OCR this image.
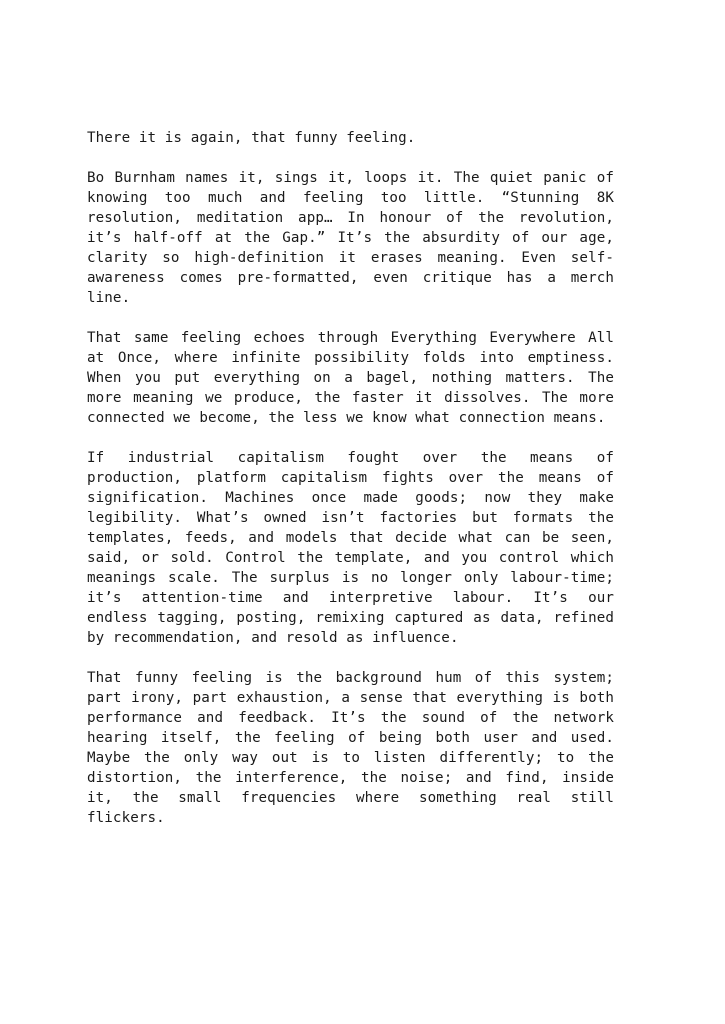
There it is again, that funny feeling.

Bo Burnham names it, sings it, loops it. The quiet panic of knowing too much and feeling too little. “Stunning 8K resolution, meditation app… In honour of the revolution, it’s half-off at the Gap.” It’s the absurdity of our age, clarity so high-definition it erases meaning. Even self-awareness comes pre-formatted, even critique has a merch line.

That same feeling echoes through Everything Everywhere All at Once, where infinite possibility folds into emptiness. When you put everything on a bagel, nothing matters. The more meaning we produce, the faster it dissolves. The more connected we become, the less we know what connection means.

If industrial capitalism fought over the means of production, platform capitalism fights over the means of signification. Machines once made goods; now they make legibility. What’s owned isn’t factories but formats the templates, feeds, and models that decide what can be seen, said, or sold. Control the template, and you control which meanings scale. The surplus is no longer only labour-time; it’s attention-time and interpretive labour. It’s our endless tagging, posting, remixing captured as data, refined by recommendation, and resold as influence.

That funny feeling is the background hum of this system; part irony, part exhaustion, a sense that everything is both performance and feedback. It’s the sound of the network hearing itself, the feeling of being both user and used. Maybe the only way out is to listen differently; to the distortion, the interference, the noise; and find, inside it, the small frequencies where something real still flickers.
